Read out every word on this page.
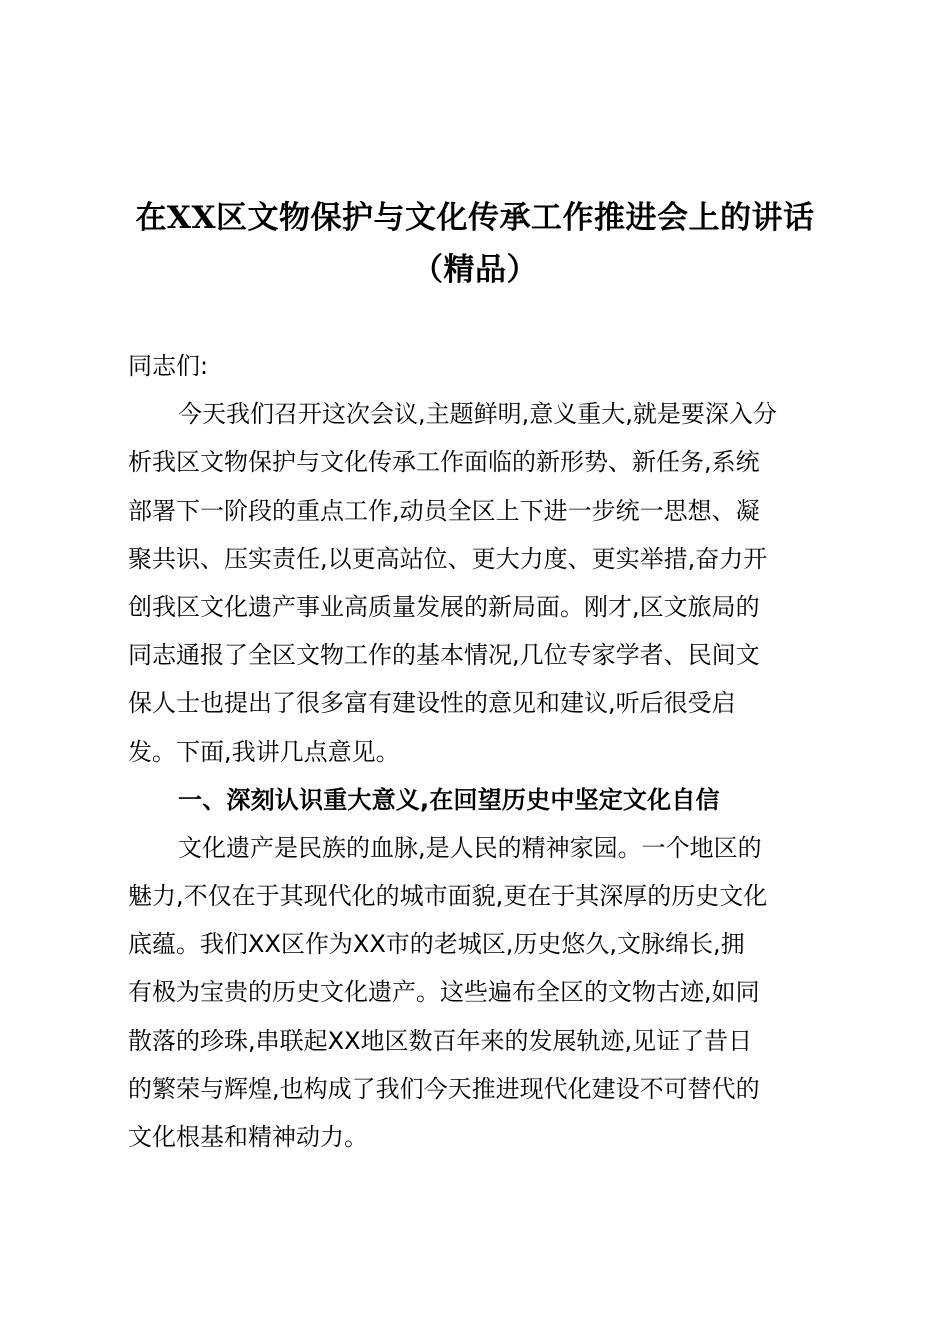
在XX区文物保护与文化传承工作推进会上的讲话
（精品）
同志们:
今天我们召开这次会议,主题鲜明,意义重大,就是要深入分
析我区文物保护与文化传承工作面临的新形势、新任务,系统
部署下一阶段的重点工作,动员全区上下进一步统一思想、凝
聚共识、压实责任,以更高站位、更大力度、更实举措,奋力开
创我区文化遗产事业高质量发展的新局面。刚才,区文旅局的
同志通报了全区文物工作的基本情况,几位专家学者、民间文
保人士也提出了很多富有建设性的意见和建议,听后很受启
发。下面,我讲几点意见。
一、深刻认识重大意义,在回望历史中坚定文化自信
文化遗产是民族的血脉,是人民的精神家园。一个地区的
魅力,不仅在于其现代化的城市面貌,更在于其深厚的历史文化
底蕴。我们XX区作为XX市的老城区,历史悠久,文脉绵长,拥
有极为宝贵的历史文化遗产。这些遍布全区的文物古迹,如同
散落的珍珠,串联起XX地区数百年来的发展轨迹,见证了昔日
的繁荣与辉煌,也构成了我们今天推进现代化建设不可替代的
文化根基和精神动力。
